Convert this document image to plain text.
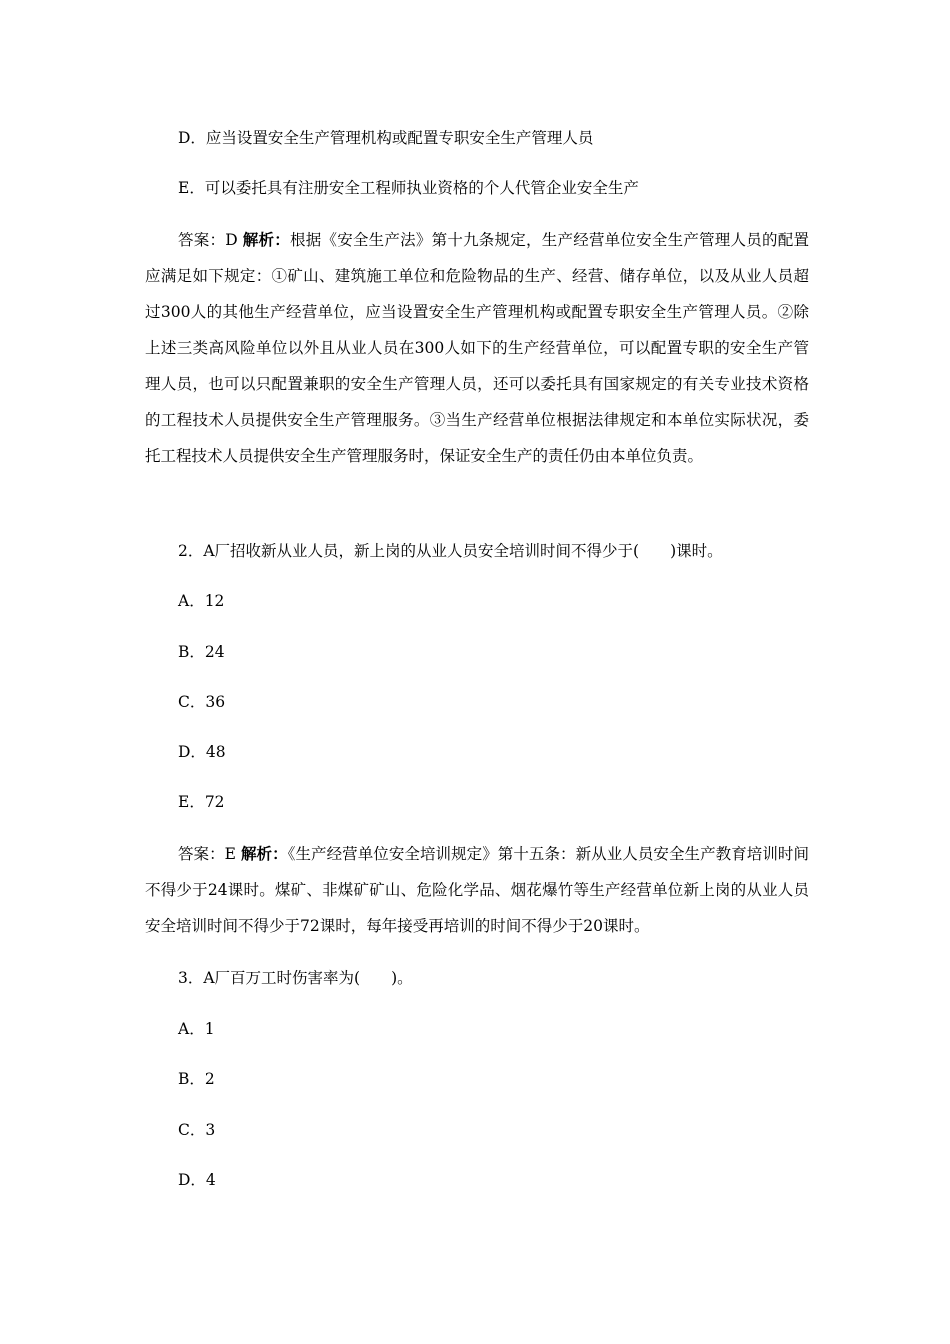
D．应当设置安全生产管理机构或配置专职安全生产管理人员
E．可以委托具有注册安全工程师执业资格的个人代管企业安全生产
答案：D 解析：根据《安全生产法》第十九条规定，生产经营单位安全生产管理人员的配置应满足如下规定：①矿山、建筑施工单位和危险物品的生产、经营、储存单位，以及从业人员超过300人的其他生产经营单位，应当设置安全生产管理机构或配置专职安全生产管理人员。②除上述三类高风险单位以外且从业人员在300人如下的生产经营单位，可以配置专职的安全生产管理人员，也可以只配置兼职的安全生产管理人员，还可以委托具有国家规定的有关专业技术资格的工程技术人员提供安全生产管理服务。③当生产经营单位根据法律规定和本单位实际状况，委托工程技术人员提供安全生产管理服务时，保证安全生产的责任仍由本单位负责。
2．A厂招收新从业人员，新上岗的从业人员安全培训时间不得少于(　　)课时。
A．12
B．24
C．36
D．48
E．72
答案：E 解析：《生产经营单位安全培训规定》第十五条：新从业人员安全生产教育培训时间不得少于24课时。煤矿、非煤矿矿山、危险化学品、烟花爆竹等生产经营单位新上岗的从业人员安全培训时间不得少于72课时，每年接受再培训的时间不得少于20课时。
3．A厂百万工时伤害率为(　　)。
A．1
B．2
C．3
D．4
